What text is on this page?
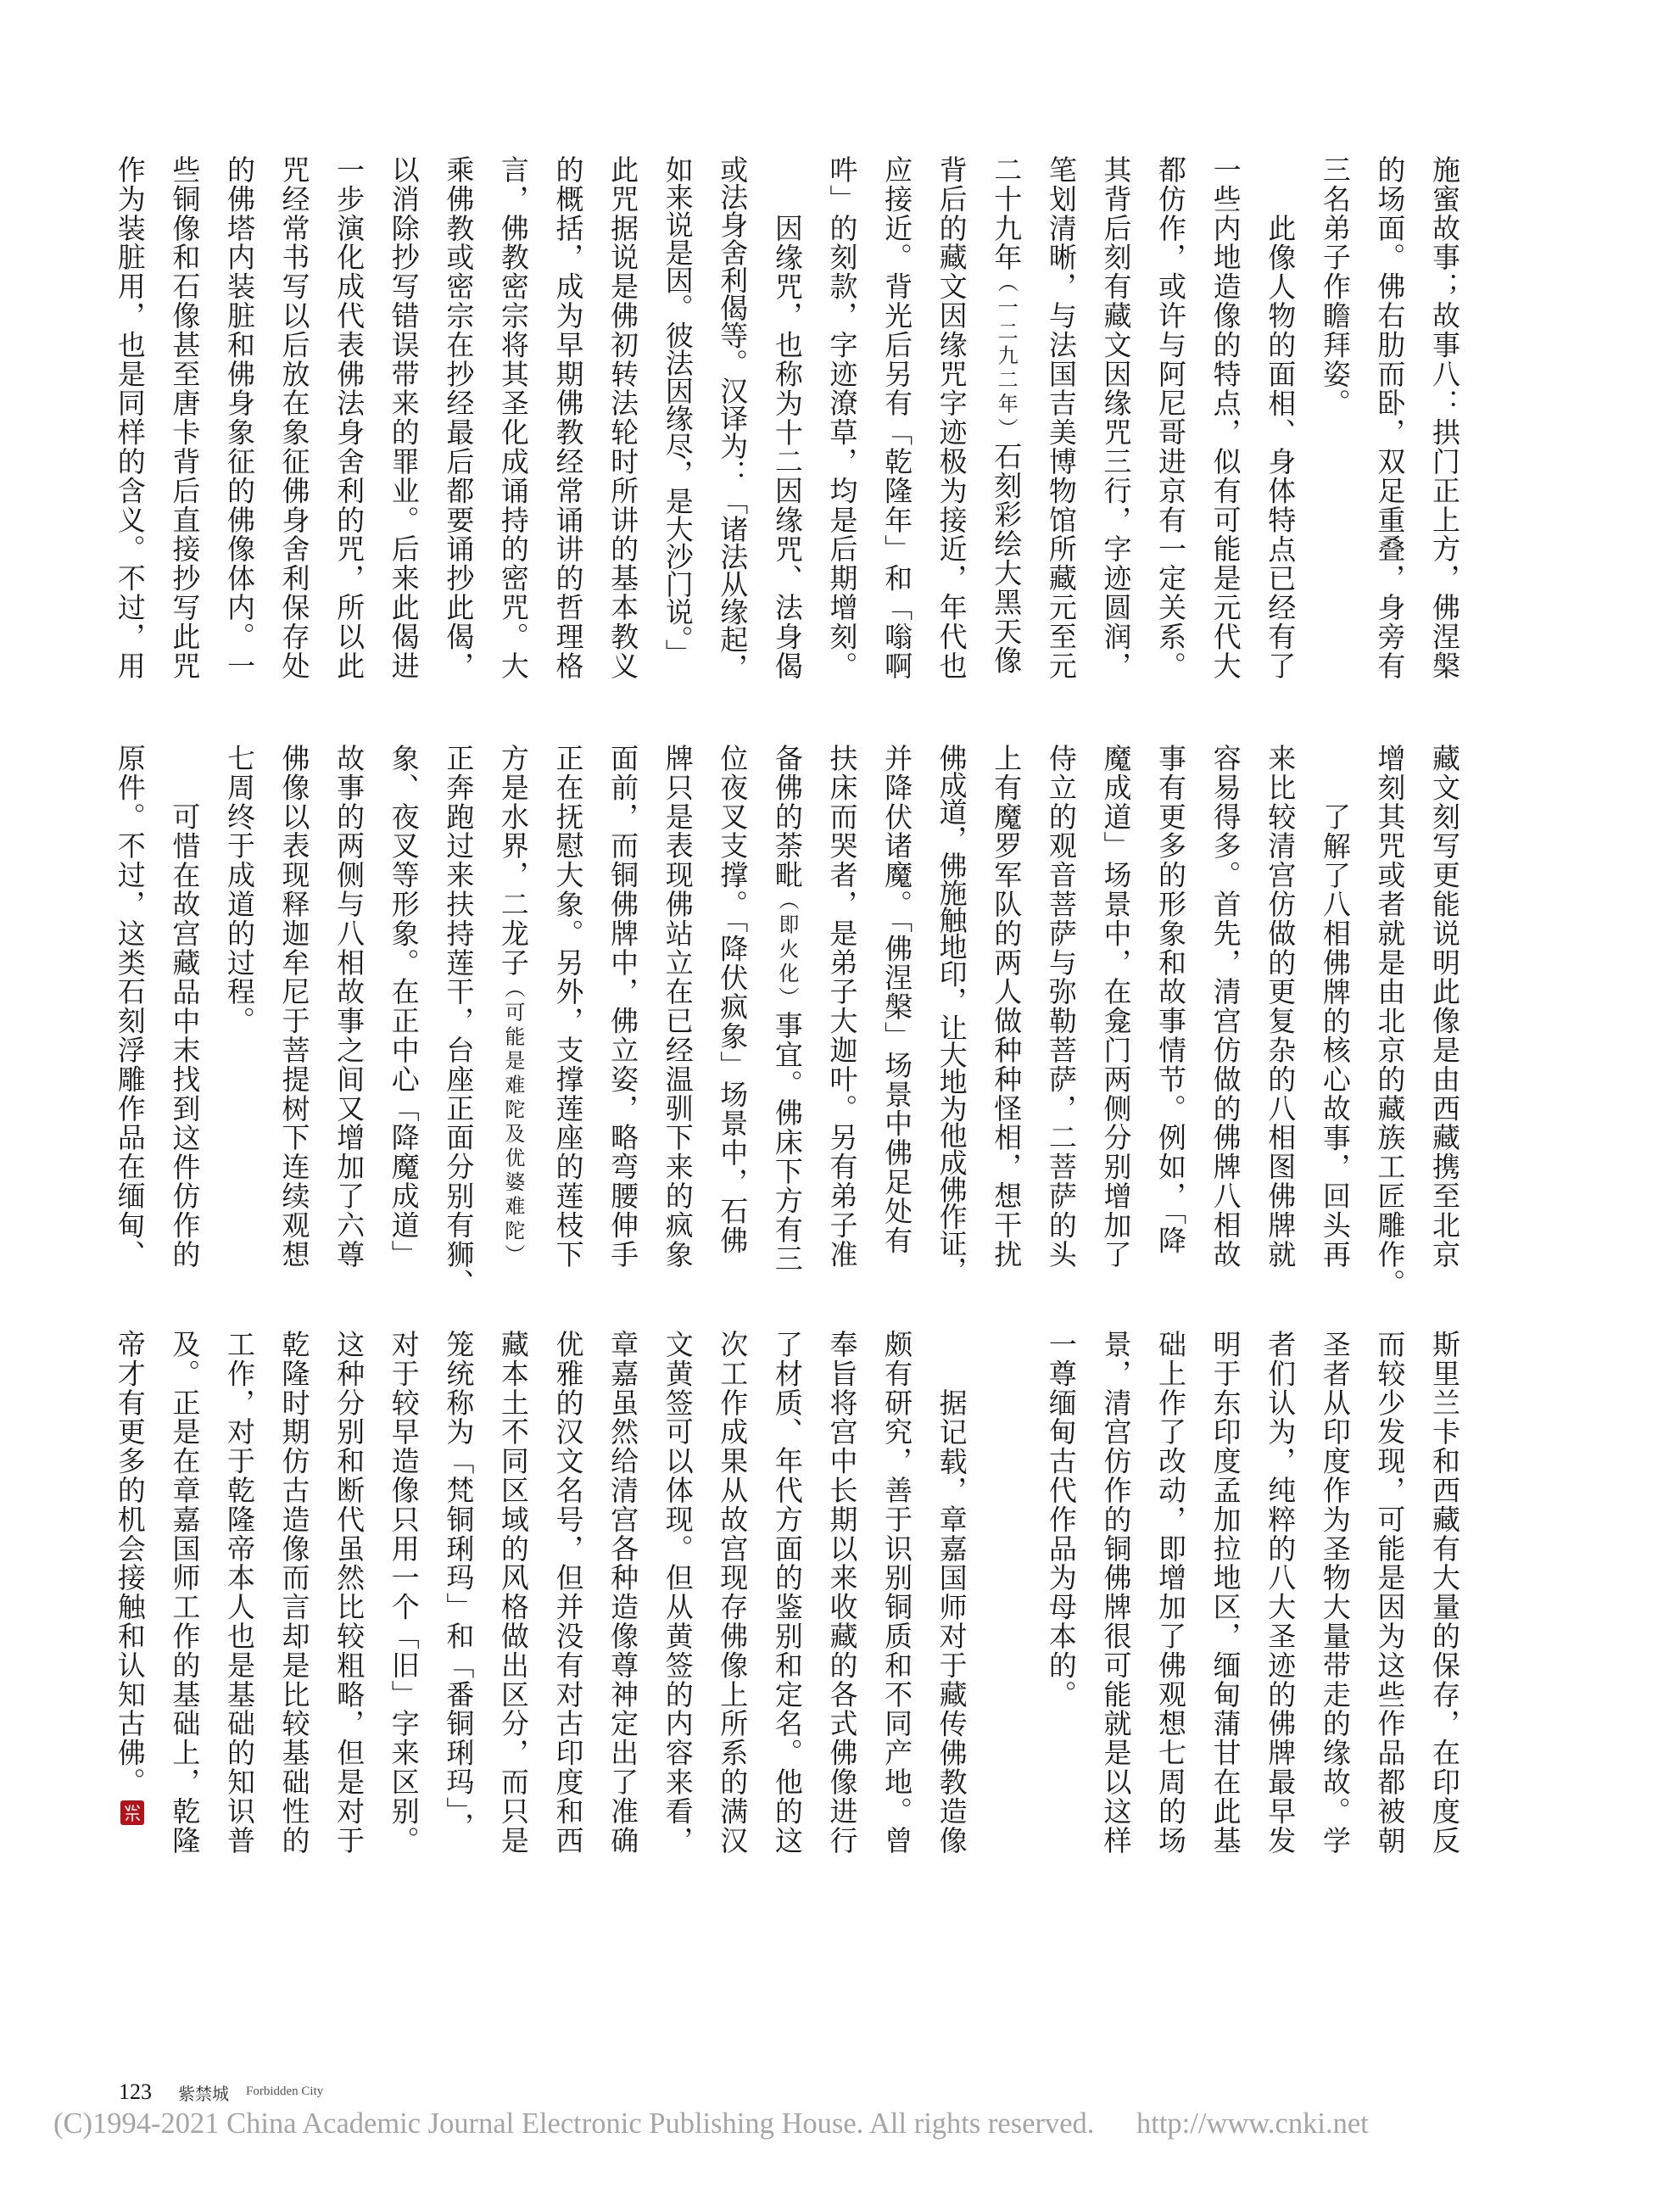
施蜜故事；故事八：拱门正上方，佛涅槃

的场面。佛右肋而卧，双足重叠，身旁有

三名弟子作瞻拜姿。

此像人物的面相、身体特点已经有了

一些内地造像的特点，似有可能是元代大

都仿作，或许与阿尼哥进京有一定关系。

其背后刻有藏文因缘咒三行，字迹圆润，

笔划清晰，与法国吉美博物馆所藏元至元

二十九年（一二九二年）石刻彩绘大黑天像

背后的藏文因缘咒字迹极为接近，年代也

应接近。背光后另有「乾隆年」和「嗡啊

吽」的刻款，字迹潦草，均是后期增刻。

因缘咒，也称为十二因缘咒、法身偈

或法身舍利偈等。汉译为：「诸法从缘起，

如来说是因。彼法因缘尽，是大沙门说。」

此咒据说是佛初转法轮时所讲的基本教义

的概括，成为早期佛教经常诵讲的哲理格

言，佛教密宗将其圣化成诵持的密咒。大

乘佛教或密宗在抄经最后都要诵抄此偈，

以消除抄写错误带来的罪业。后来此偈进

一步演化成代表佛法身舍利的咒，所以此

咒经常书写以后放在象征佛身舍利保存处

的佛塔内装脏和佛身象征的佛像体内。一

些铜像和石像甚至唐卡背后直接抄写此咒

作为装脏用，也是同样的含义。不过，用

藏文刻写更能说明此像是由西藏携至北京

增刻其咒或者就是由北京的藏族工匠雕作。

了解了八相佛牌的核心故事，回头再

来比较清宫仿做的更复杂的八相图佛牌就

容易得多。首先，清宫仿做的佛牌八相故

事有更多的形象和故事情节。例如，「降

魔成道」场景中，在龛门两侧分别增加了

侍立的观音菩萨与弥勒菩萨，二菩萨的头

上有魔罗军队的两人做种种怪相，想干扰

佛成道，佛施触地印，让大地为他成佛作证，

并降伏诸魔。「佛涅槃」场景中佛足处有

扶床而哭者，是弟子大迦叶。另有弟子准

备佛的荼毗（即火化）事宜。佛床下方有三

位夜叉支撑。「降伏疯象」场景中，石佛

牌只是表现佛站立在已经温驯下来的疯象

面前，而铜佛牌中，佛立姿，略弯腰伸手

正在抚慰大象。另外，支撑莲座的莲枝下

方是水界，二龙子（可能是难陀及优婆难陀）

正奔跑过来扶持莲干，台座正面分别有狮、

象、夜叉等形象。在正中心「降魔成道」

故事的两侧与八相故事之间又增加了六尊

佛像以表现释迦牟尼于菩提树下连续观想

七周终于成道的过程。

可惜在故宫藏品中末找到这件仿作的

原件。不过，这类石刻浮雕作品在缅甸、

斯里兰卡和西藏有大量的保存，在印度反

而较少发现，可能是因为这些作品都被朝

圣者从印度作为圣物大量带走的缘故。学

者们认为，纯粹的八大圣迹的佛牌最早发

明于东印度孟加拉地区，缅甸蒲甘在此基

础上作了改动，即增加了佛观想七周的场

景，清宫仿作的铜佛牌很可能就是以这样

一尊缅甸古代作品为母本的。

据记载，章嘉国师对于藏传佛教造像

颇有研究，善于识别铜质和不同产地。曾

奉旨将宫中长期以来收藏的各式佛像进行

了材质、年代方面的鉴别和定名。他的这

次工作成果从故宫现存佛像上所系的满汉

文黄签可以体现。但从黄签的内容来看，

章嘉虽然给清宫各种造像尊神定出了准确

优雅的汉文名号，但并没有对古印度和西

藏本土不同区域的风格做出区分，而只是

笼统称为「梵铜琍玛」和「番铜琍玛」，

对于较早造像只用一个「旧」字来区别。

这种分别和断代虽然比较粗略，但是对于

乾隆时期仿古造像而言却是比较基础性的

工作，对于乾隆帝本人也是基础的知识普

及。正是在章嘉国师工作的基础上，乾隆

帝才有更多的机会接触和认知古佛。

123 紫禁城 Forbidden City
(C)1994-2021 China Academic Journal Electronic Publishing House. All rights reserved. http://www.cnki.net
